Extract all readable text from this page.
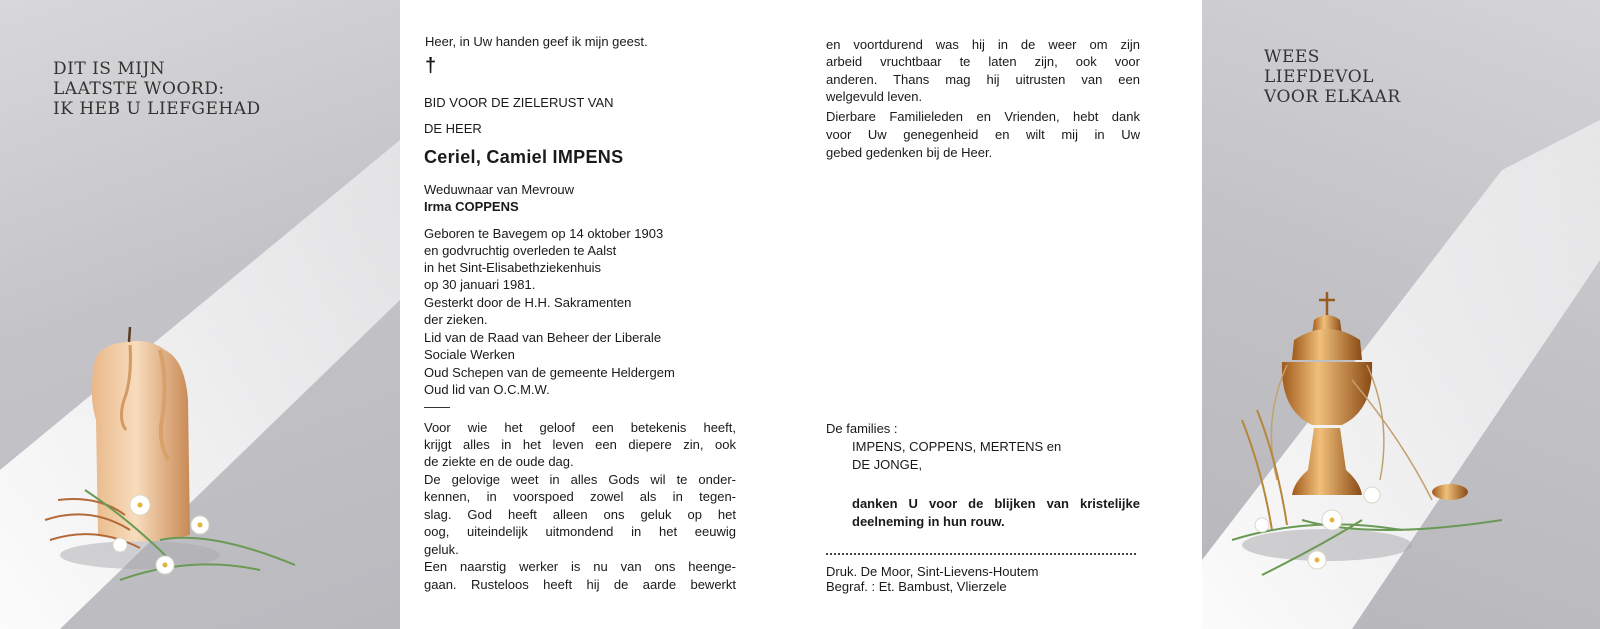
DIT IS MIJN
LAATSTE WOORD:
IK HEB U LIEFGEHAD

Heer, in Uw handen geef ik mijn geest.

†

BID VOOR DE ZIELERUST VAN

DE HEER

Ceriel, Camiel IMPENS

Weduwnaar van Mevrouw

Irma COPPENS

Geboren te Bavegem op 14 oktober 1903

en godvruchtig overleden te Aalst

in het Sint-Elisabethziekenhuis

op 30 januari 1981.

Gesterkt door de H.H. Sakramenten

der zieken.

Lid van de Raad van Beheer der Liberale

Sociale Werken

Oud Schepen van de gemeente Heldergem

Oud lid van O.C.M.W.

Voor wie het geloof een betekenis heeft,

krijgt alles in het leven een diepere zin, ook

de ziekte en de oude dag.

De gelovige weet in alles Gods wil te onder-

kennen, in voorspoed zowel als in tegen-

slag. God heeft alleen ons geluk op het

oog, uiteindelijk uitmondend in het eeuwig

geluk.

Een naarstig werker is nu van ons heenge-

gaan. Rusteloos heeft hij de aarde bewerkt

en voortdurend was hij in de weer om zijn

arbeid vruchtbaar te laten zijn, ook voor

anderen. Thans mag hij uitrusten van een

welgevuld leven.

Dierbare Familieleden en Vrienden, hebt dank

voor Uw genegenheid en wilt mij in Uw

gebed gedenken bij de Heer.

De families :

IMPENS, COPPENS, MERTENS en

DE JONGE,

danken U voor de blijken van kristelijke

deelneming in hun rouw.

Druk. De Moor, Sint-Lievens-Houtem

Begraf. : Et. Bambust, Vlierzele

WEES
LIEFDEVOL
VOOR ELKAAR
